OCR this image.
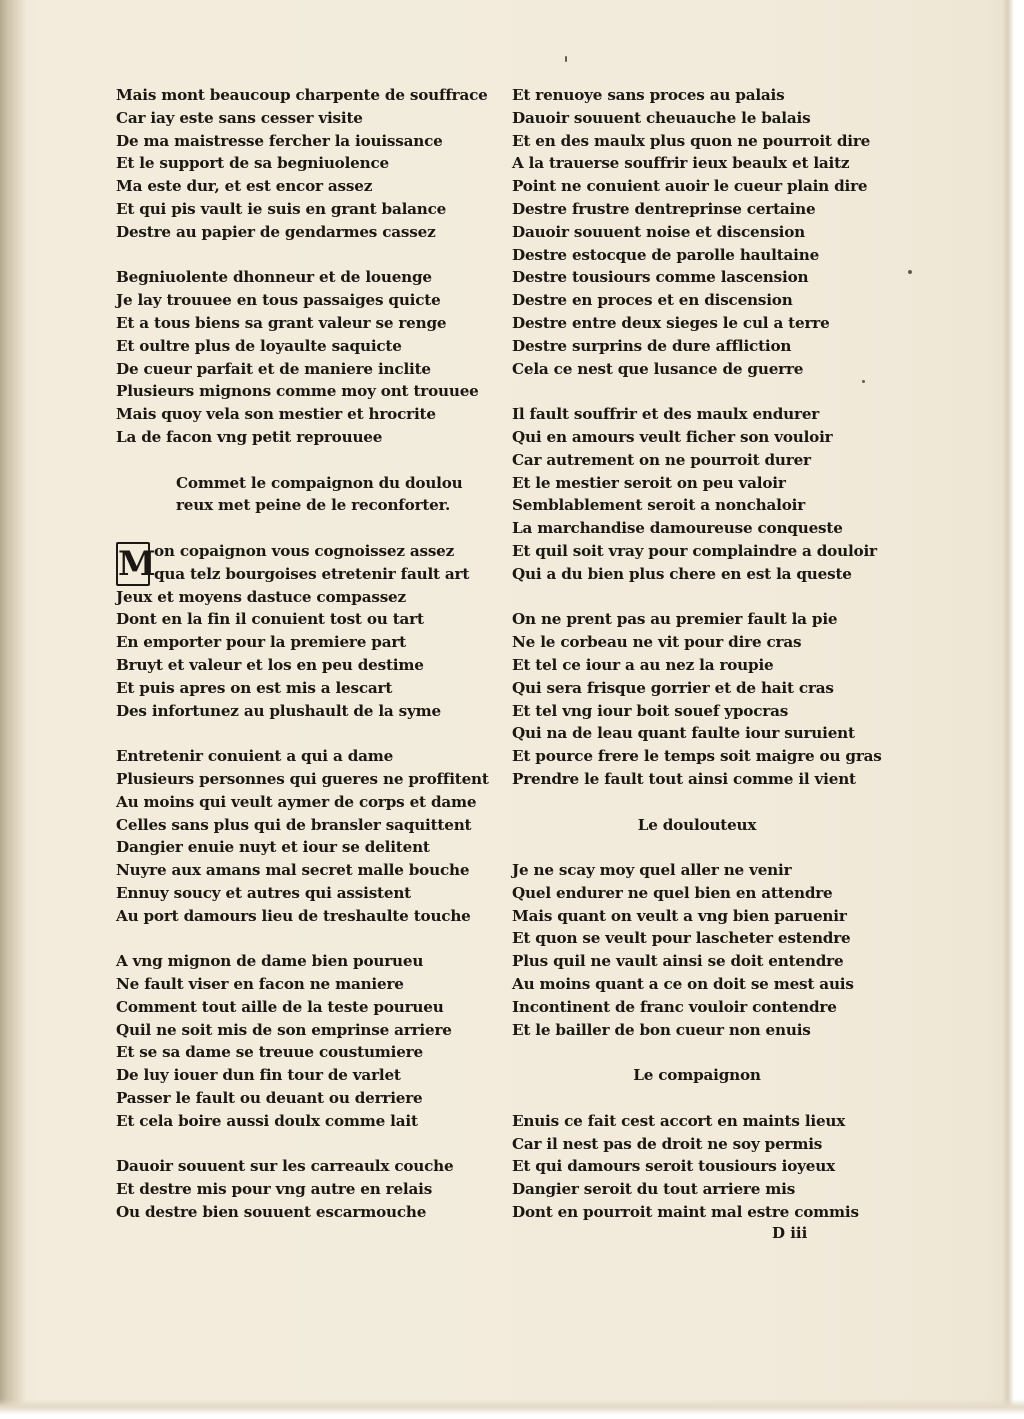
Mais mont beaucoup charpente de souffrace
Car iay este sans cesser visite
De ma maistresse fercher la iouissance
Et le support de sa begniuolence
Ma este dur, et est encor assez
Et qui pis vault ie suis en grant balance
Destre au papier de gendarmes cassez
Begniuolente dhonneur et de louenge
Je lay trouuee en tous passaiges quicte
Et a tous biens sa grant valeur se renge
Et oultre plus de loyaulte saquicte
De cueur parfait et de maniere inclite
Plusieurs mignons comme moy ont trouuee
Mais quoy vela son mestier et hrocrite
La de facon vng petit reprouuee
Commet le compaignon du doulou
reux met peine de le reconforter.
M
on copaignon vous cognoissez assez
qua telz bourgoises etretenir fault art
Jeux et moyens dastuce compassez
Dont en la fin il conuient tost ou tart
En emporter pour la premiere part
Bruyt et valeur et los en peu destime
Et puis apres on est mis a lescart
Des infortunez au plushault de la syme
Entretenir conuient a qui a dame
Plusieurs personnes qui gueres ne proffitent
Au moins qui veult aymer de corps et dame
Celles sans plus qui de bransler saquittent
Dangier enuie nuyt et iour se delitent
Nuyre aux amans mal secret malle bouche
Ennuy soucy et autres qui assistent
Au port damours lieu de treshaulte touche
A vng mignon de dame bien pourueu
Ne fault viser en facon ne maniere
Comment tout aille de la teste pourueu
Quil ne soit mis de son emprinse arriere
Et se sa dame se treuue coustumiere
De luy iouer dun fin tour de varlet
Passer le fault ou deuant ou derriere
Et cela boire aussi doulx comme lait
Dauoir souuent sur les carreaulx couche
Et destre mis pour vng autre en relais
Ou destre bien souuent escarmouche
Et renuoye sans proces au palais
Dauoir souuent cheuauche le balais
Et en des maulx plus quon ne pourroit dire
A la trauerse souffrir ieux beaulx et laitz
Point ne conuient auoir le cueur plain dire
Destre frustre dentreprinse certaine
Dauoir souuent noise et discension
Destre estocque de parolle haultaine
Destre tousiours comme lascension
Destre en proces et en discension
Destre entre deux sieges le cul a terre
Destre surprins de dure affliction
Cela ce nest que lusance de guerre
Il fault souffrir et des maulx endurer
Qui en amours veult ficher son vouloir
Car autrement on ne pourroit durer
Et le mestier seroit on peu valoir
Semblablement seroit a nonchaloir
La marchandise damoureuse conqueste
Et quil soit vray pour complaindre a douloir
Qui a du bien plus chere en est la queste
On ne prent pas au premier fault la pie
Ne le corbeau ne vit pour dire cras
Et tel ce iour a au nez la roupie
Qui sera frisque gorrier et de hait cras
Et tel vng iour boit souef ypocras
Qui na de leau quant faulte iour suruient
Et pource frere le temps soit maigre ou gras
Prendre le fault tout ainsi comme il vient
Le doulouteux
Je ne scay moy quel aller ne venir
Quel endurer ne quel bien en attendre
Mais quant on veult a vng bien paruenir
Et quon se veult pour lascheter estendre
Plus quil ne vault ainsi se doit entendre
Au moins quant a ce on doit se mest auis
Incontinent de franc vouloir contendre
Et le bailler de bon cueur non enuis
Le compaignon
Enuis ce fait cest accort en maints lieux
Car il nest pas de droit ne soy permis
Et qui damours seroit tousiours ioyeux
Dangier seroit du tout arriere mis
Dont en pourroit maint mal estre commis
D iii
